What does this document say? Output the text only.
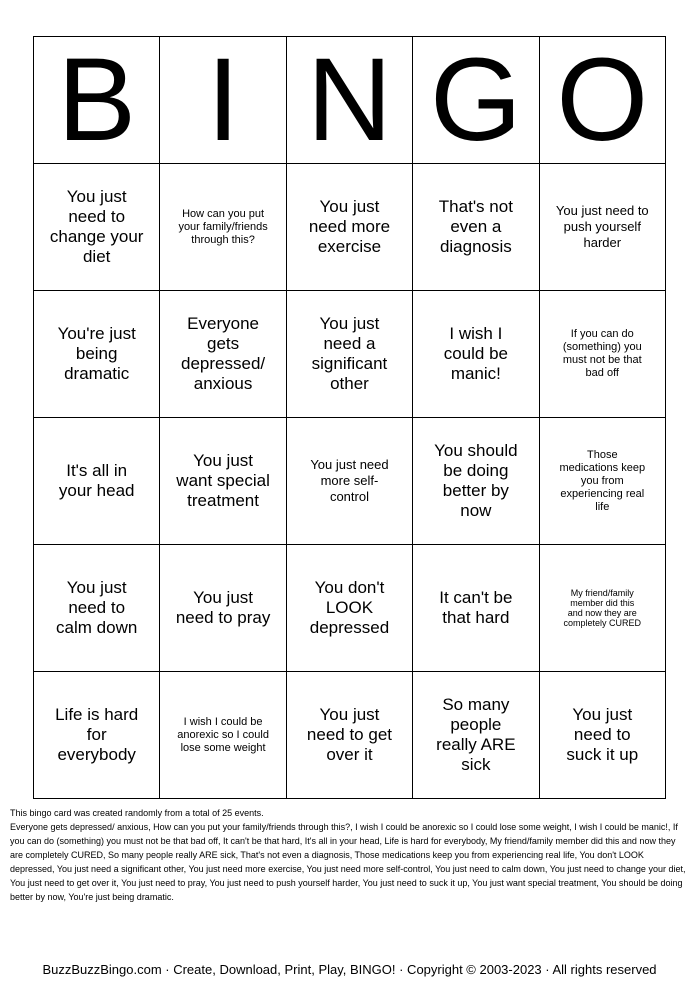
B	I	N	G	O

You just need to change your diet	How can you put your family/friends through this?	You just need more exercise	That's not even a diagnosis	You just need to push yourself harder

You're just being dramatic	Everyone gets depressed/ anxious	You just need a significant other	I wish I could be manic!	If you can do (something) you must not be that bad off

It's all in your head	You just want special treatment	You just need more self-control	You should be doing better by now	Those medications keep you from experiencing real life

You just need to calm down	You just need to pray	You don't LOOK depressed	It can't be that hard	My friend/family member did this and now they are completely CURED

Life is hard for everybody	I wish I could be anorexic so I could lose some weight	You just need to get over it	So many people really ARE sick	You just need to suck it up

This bingo card was created randomly from a total of 25 events.

Everyone gets depressed/ anxious, How can you put your family/friends through this?, I wish I could be anorexic so I could lose some weight, I wish I could be manic!, If you can do (something) you must not be that bad off, It can't be that hard, It's all in your head, Life is hard for everybody, My friend/family member did this and now they are completely CURED, So many people really ARE sick, That's not even a diagnosis, Those medications keep you from experiencing real life, You don't LOOK depressed, You just need a significant other, You just need more exercise, You just need more self-control, You just need to calm down, You just need to change your diet, You just need to get over it, You just need to pray, You just need to push yourself harder, You just need to suck it up, You just want special treatment, You should be doing better by now, You're just being dramatic.

BuzzBuzzBingo.com · Create, Download, Print, Play, BINGO! · Copyright © 2003-2023 · All rights reserved
